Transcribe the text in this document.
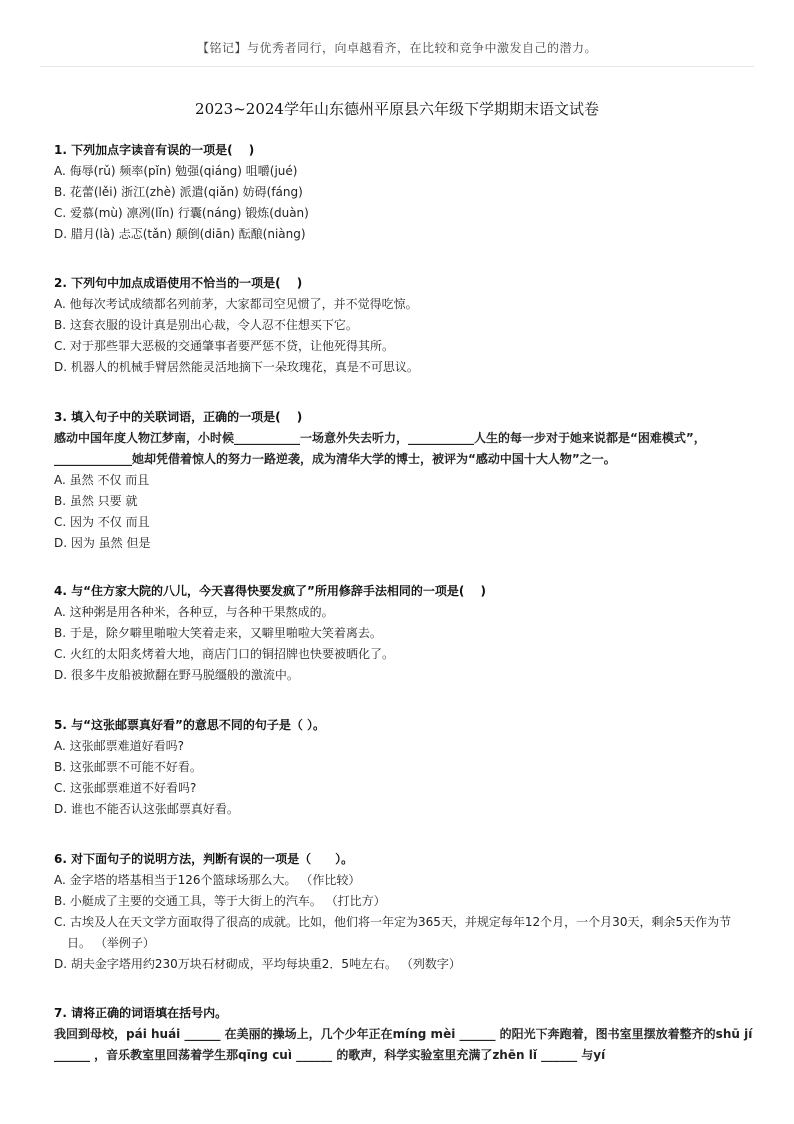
【铭记】与优秀者同行，向卓越看齐，在比较和竞争中激发自己的潜力。
2023~2024学年山东德州平原县六年级下学期期末语文试卷
1. 下列加点字读音有误的一项是(　 )
A. 侮辱(rǔ) 频率(pǐn) 勉强(qiáng) 咀嚼(jué)
B. 花蕾(lěi) 浙江(zhè) 派遣(qiǎn) 妨碍(fáng)
C. 爱慕(mù) 凛冽(lǐn) 行囊(náng) 锻炼(duàn)
D. 腊月(là) 忐忑(tǎn) 颠倒(diān) 酝酿(niàng)
2. 下列句中加点成语使用不恰当的一项是(　 )
A. 他每次考试成绩都名列前茅，大家都司空见惯了，并不觉得吃惊。
B. 这套衣服的设计真是别出心裁，令人忍不住想买下它。
C. 对于那些罪大恶极的交通肇事者要严惩不贷，让他死得其所。
D. 机器人的机械手臂居然能灵活地摘下一朵玫瑰花，真是不可思议。
3. 填入句子中的关联词语，正确的一项是(　 )
感动中国年度人物江梦南，小时候___________一场意外失去听力，___________人生的每一步对于她来说都是“困难模式”，_____________她却凭借着惊人的努力一路逆袭，成为清华大学的博士，被评为“感动中国十大人物”之一。
A. 虽然 不仅 而且
B. 虽然 只要 就
C. 因为 不仅 而且
D. 因为 虽然 但是
4. 与“住方家大院的八儿，今天喜得快要发疯了”所用修辞手法相同的一项是(　 )
A. 这种粥是用各种米，各种豆，与各种干果熬成的。
B. 于是，除夕噼里啪啦大笑着走来，又噼里啪啦大笑着离去。
C. 火红的太阳炙烤着大地，商店门口的铜招牌也快要被晒化了。
D. 很多牛皮船被掀翻在野马脱缰般的激流中。
5. 与“这张邮票真好看”的意思不同的句子是（ ）。
A. 这张邮票难道好看吗?
B. 这张邮票不可能不好看。
C. 这张邮票难道不好看吗?
D. 谁也不能否认这张邮票真好看。
6. 对下面句子的说明方法，判断有误的一项是（　　）。
A. 金字塔的塔基相当于126个篮球场那么大。 （作比较）
B. 小艇成了主要的交通工具，等于大街上的汽车。 （打比方）
C. 古埃及人在天文学方面取得了很高的成就。比如，他们将一年定为365天，并规定每年12个月，一个月30天，剩余5天作为节日。 （举例子）
D. 胡夫金字塔用约230万块石材砌成，平均每块重2．5吨左右。 （列数字）
7. 请将正确的词语填在括号内。
我回到母校，pái huái ______ 在美丽的操场上，几个少年正在míng mèi ______ 的阳光下奔跑着，图书室里摆放着整齐的shū jí ______ ，音乐教室里回荡着学生那qīng cuì ______ 的歌声，科学实验室里充满了zhēn lǐ ______ 与yí
